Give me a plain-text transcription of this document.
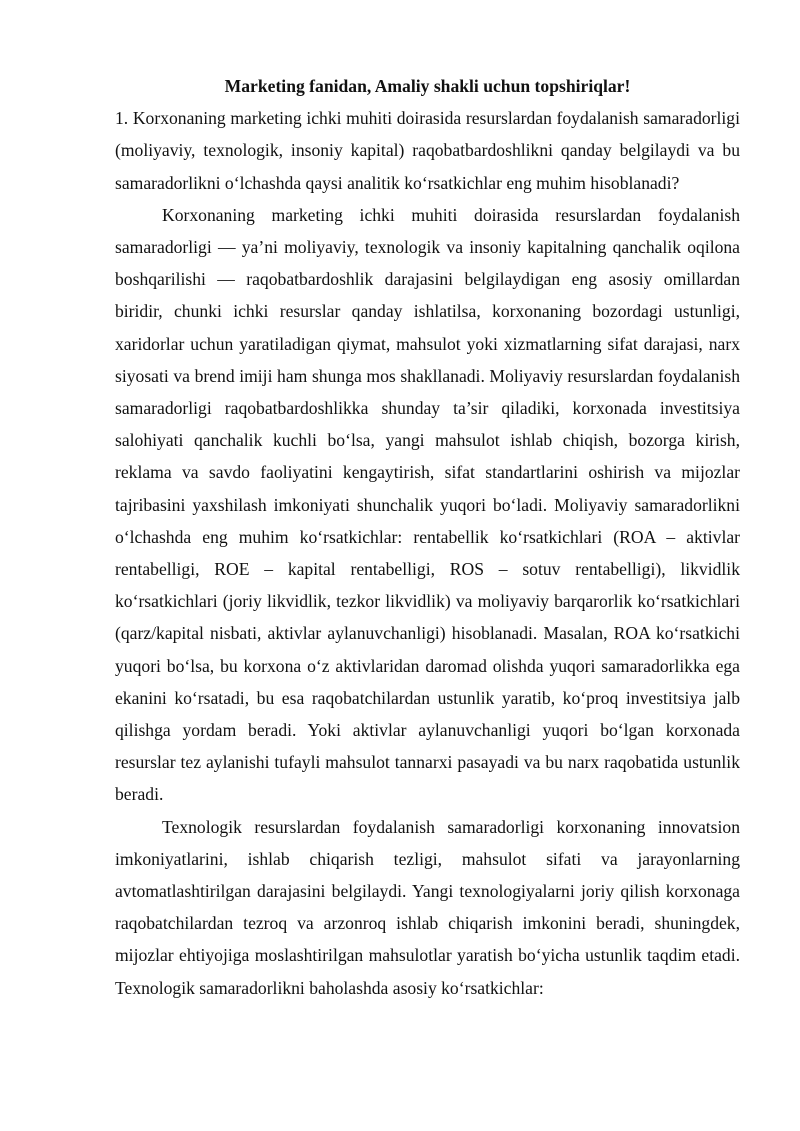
Marketing fanidan, Amaliy shakli uchun topshiriqlar!

1. Korxonaning marketing ichki muhiti doirasida resurslardan foydalanish samaradorligi (moliyaviy, texnologik, insoniy kapital) raqobatbardoshlikni qanday belgilaydi va bu samaradorlikni o‘lchashda qaysi analitik ko‘rsatkichlar eng muhim hisoblanadi?

Korxonaning marketing ichki muhiti doirasida resurslardan foydalanish samaradorligi — ya’ni moliyaviy, texnologik va insoniy kapitalning qanchalik oqilona boshqarilishi — raqobatbardoshlik darajasini belgilaydigan eng asosiy omillardan biridir, chunki ichki resurslar qanday ishlatilsa, korxonaning bozordagi ustunligi, xaridorlar uchun yaratiladigan qiymat, mahsulot yoki xizmatlarning sifat darajasi, narx siyosati va brend imiji ham shunga mos shakllanadi. Moliyaviy resurslardan foydalanish samaradorligi raqobatbardoshlikka shunday ta’sir qiladiki, korxonada investitsiya salohiyati qanchalik kuchli bo‘lsa, yangi mahsulot ishlab chiqish, bozorga kirish, reklama va savdo faoliyatini kengaytirish, sifat standartlarini oshirish va mijozlar tajribasini yaxshilash imkoniyati shunchalik yuqori bo‘ladi. Moliyaviy samaradorlikni o‘lchashda eng muhim ko‘rsatkichlar: rentabellik ko‘rsatkichlari (ROA – aktivlar rentabelligi, ROE – kapital rentabelligi, ROS – sotuv rentabelligi), likvidlik ko‘rsatkichlari (joriy likvidlik, tezkor likvidlik) va moliyaviy barqarorlik ko‘rsatkichlari (qarz/kapital nisbati, aktivlar aylanuvchanligi) hisoblanadi. Masalan, ROA ko‘rsatkichi yuqori bo‘lsa, bu korxona o‘z aktivlaridan daromad olishda yuqori samaradorlikka ega ekanini ko‘rsatadi, bu esa raqobatchilardan ustunlik yaratib, ko‘proq investitsiya jalb qilishga yordam beradi. Yoki aktivlar aylanuvchanligi yuqori bo‘lgan korxonada resurslar tez aylanishi tufayli mahsulot tannarxi pasayadi va bu narx raqobatida ustunlik beradi.

Texnologik resurslardan foydalanish samaradorligi korxonaning innovatsion imkoniyatlarini, ishlab chiqarish tezligi, mahsulot sifati va jarayonlarning avtomatlashtirilgan darajasini belgilaydi. Yangi texnologiyalarni joriy qilish korxonaga raqobatchilardan tezroq va arzonroq ishlab chiqarish imkonini beradi, shuningdek, mijozlar ehtiyojiga moslashtirilgan mahsulotlar yaratish bo‘yicha ustunlik taqdim etadi. Texnologik samaradorlikni baholashda asosiy ko‘rsatkichlar:
